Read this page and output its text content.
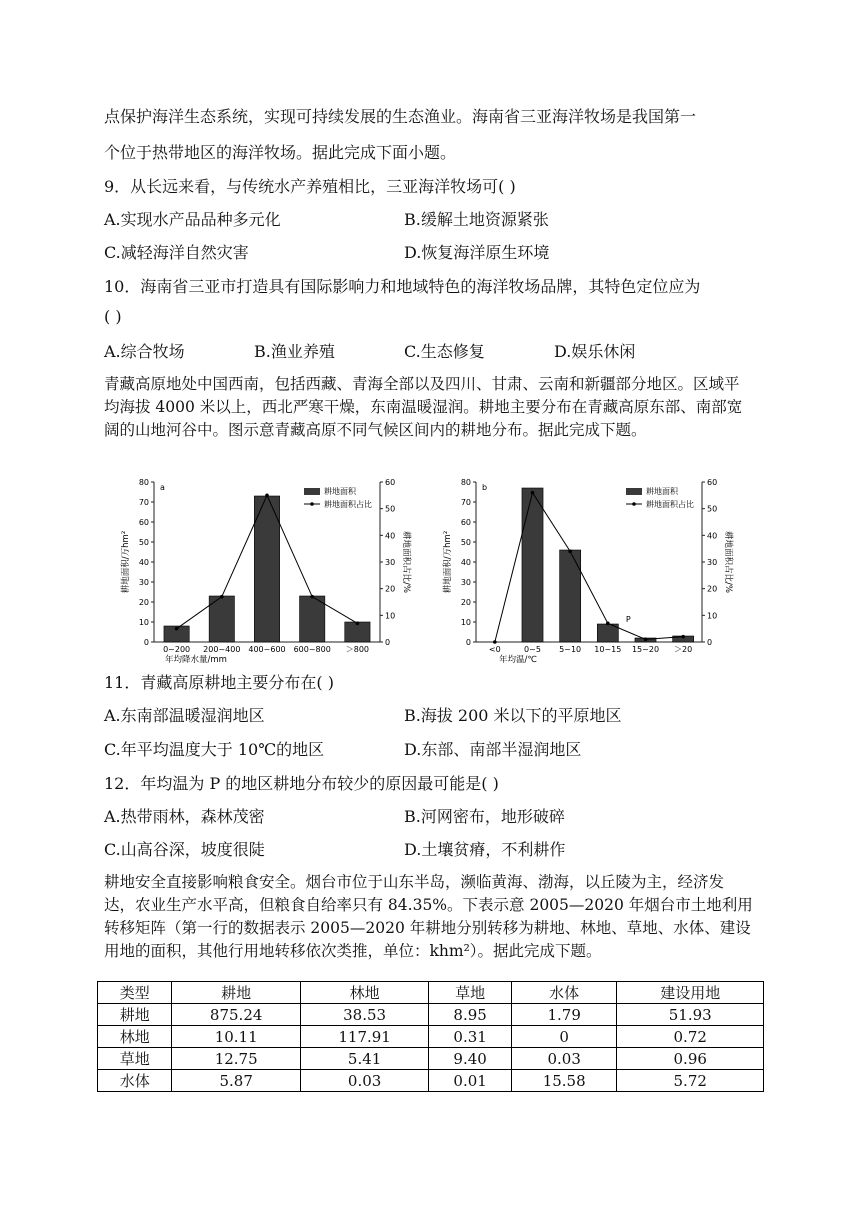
点保护海洋生态系统，实现可持续发展的生态渔业。海南省三亚海洋牧场是我国第一
个位于热带地区的海洋牧场。据此完成下面小题。
9．从长远来看，与传统水产养殖相比，三亚海洋牧场可( )
A.实现水产品品种多元化	B.缓解土地资源紧张
C.减轻海洋自然灾害	D.恢复海洋原生环境
10．海南省三亚市打造具有国际影响力和地域特色的海洋牧场品牌，其特色定位应为
( )
A.综合牧场	B.渔业养殖	C.生态修复	D.娱乐休闲
青藏高原地处中国西南，包括西藏、青海全部以及四川、甘肃、云南和新疆部分地区。区域平均海拔 4000 米以上，西北严寒干燥，东南温暖湿润。耕地主要分布在青藏高原东部、南部宽阔的山地河谷中。图示意青藏高原不同气候区间内的耕地分布。据此完成下题。
0
10
20
30
40
50
60
70
80
0
10
20
30
40
50
60
0~200 200~400 400~600 600~800 ＞800
a
年均降水量/mm
耕地面积/万hm²	耕地面积占比/%
耕地面积
耕地面积占比
0
10
20
30
40
50
60
70
80
0
10
20
30
40
50
60
<0	0~5 5~10 10~15 15~20 ＞20
b
年均温/℃
耕地面积/万hm²	耕地面积占比/%
耕地面积
耕地面积占比
P
11．青藏高原耕地主要分布在( )
A.东南部温暖湿润地区	B.海拔 200 米以下的平原地区
C.年平均温度大于 10℃的地区	D.东部、南部半湿润地区
12．年均温为 P 的地区耕地分布较少的原因最可能是( )
A.热带雨林，森林茂密	B.河网密布，地形破碎
C.山高谷深，坡度很陡	D.土壤贫瘠，不利耕作
耕地安全直接影响粮食安全。烟台市位于山东半岛，濒临黄海、渤海，以丘陵为主，经济发达，农业生产水平高，但粮食自给率只有 84.35%。下表示意 2005—2020 年烟台市土地利用转移矩阵（第一行的数据表示 2005—2020 年耕地分别转移为耕地、林地、草地、水体、建设用地的面积，其他行用地转移依次类推，单位：khm²）。据此完成下题。
类型	耕地	林地	草地	水体	建设用地
耕地	875.24	38.53	8.95	1.79	51.93
林地	10.11	117.91	0.31	0	0.72
草地	12.75	5.41	9.40	0.03	0.96
水体	5.87	0.03	0.01	15.58	5.72
